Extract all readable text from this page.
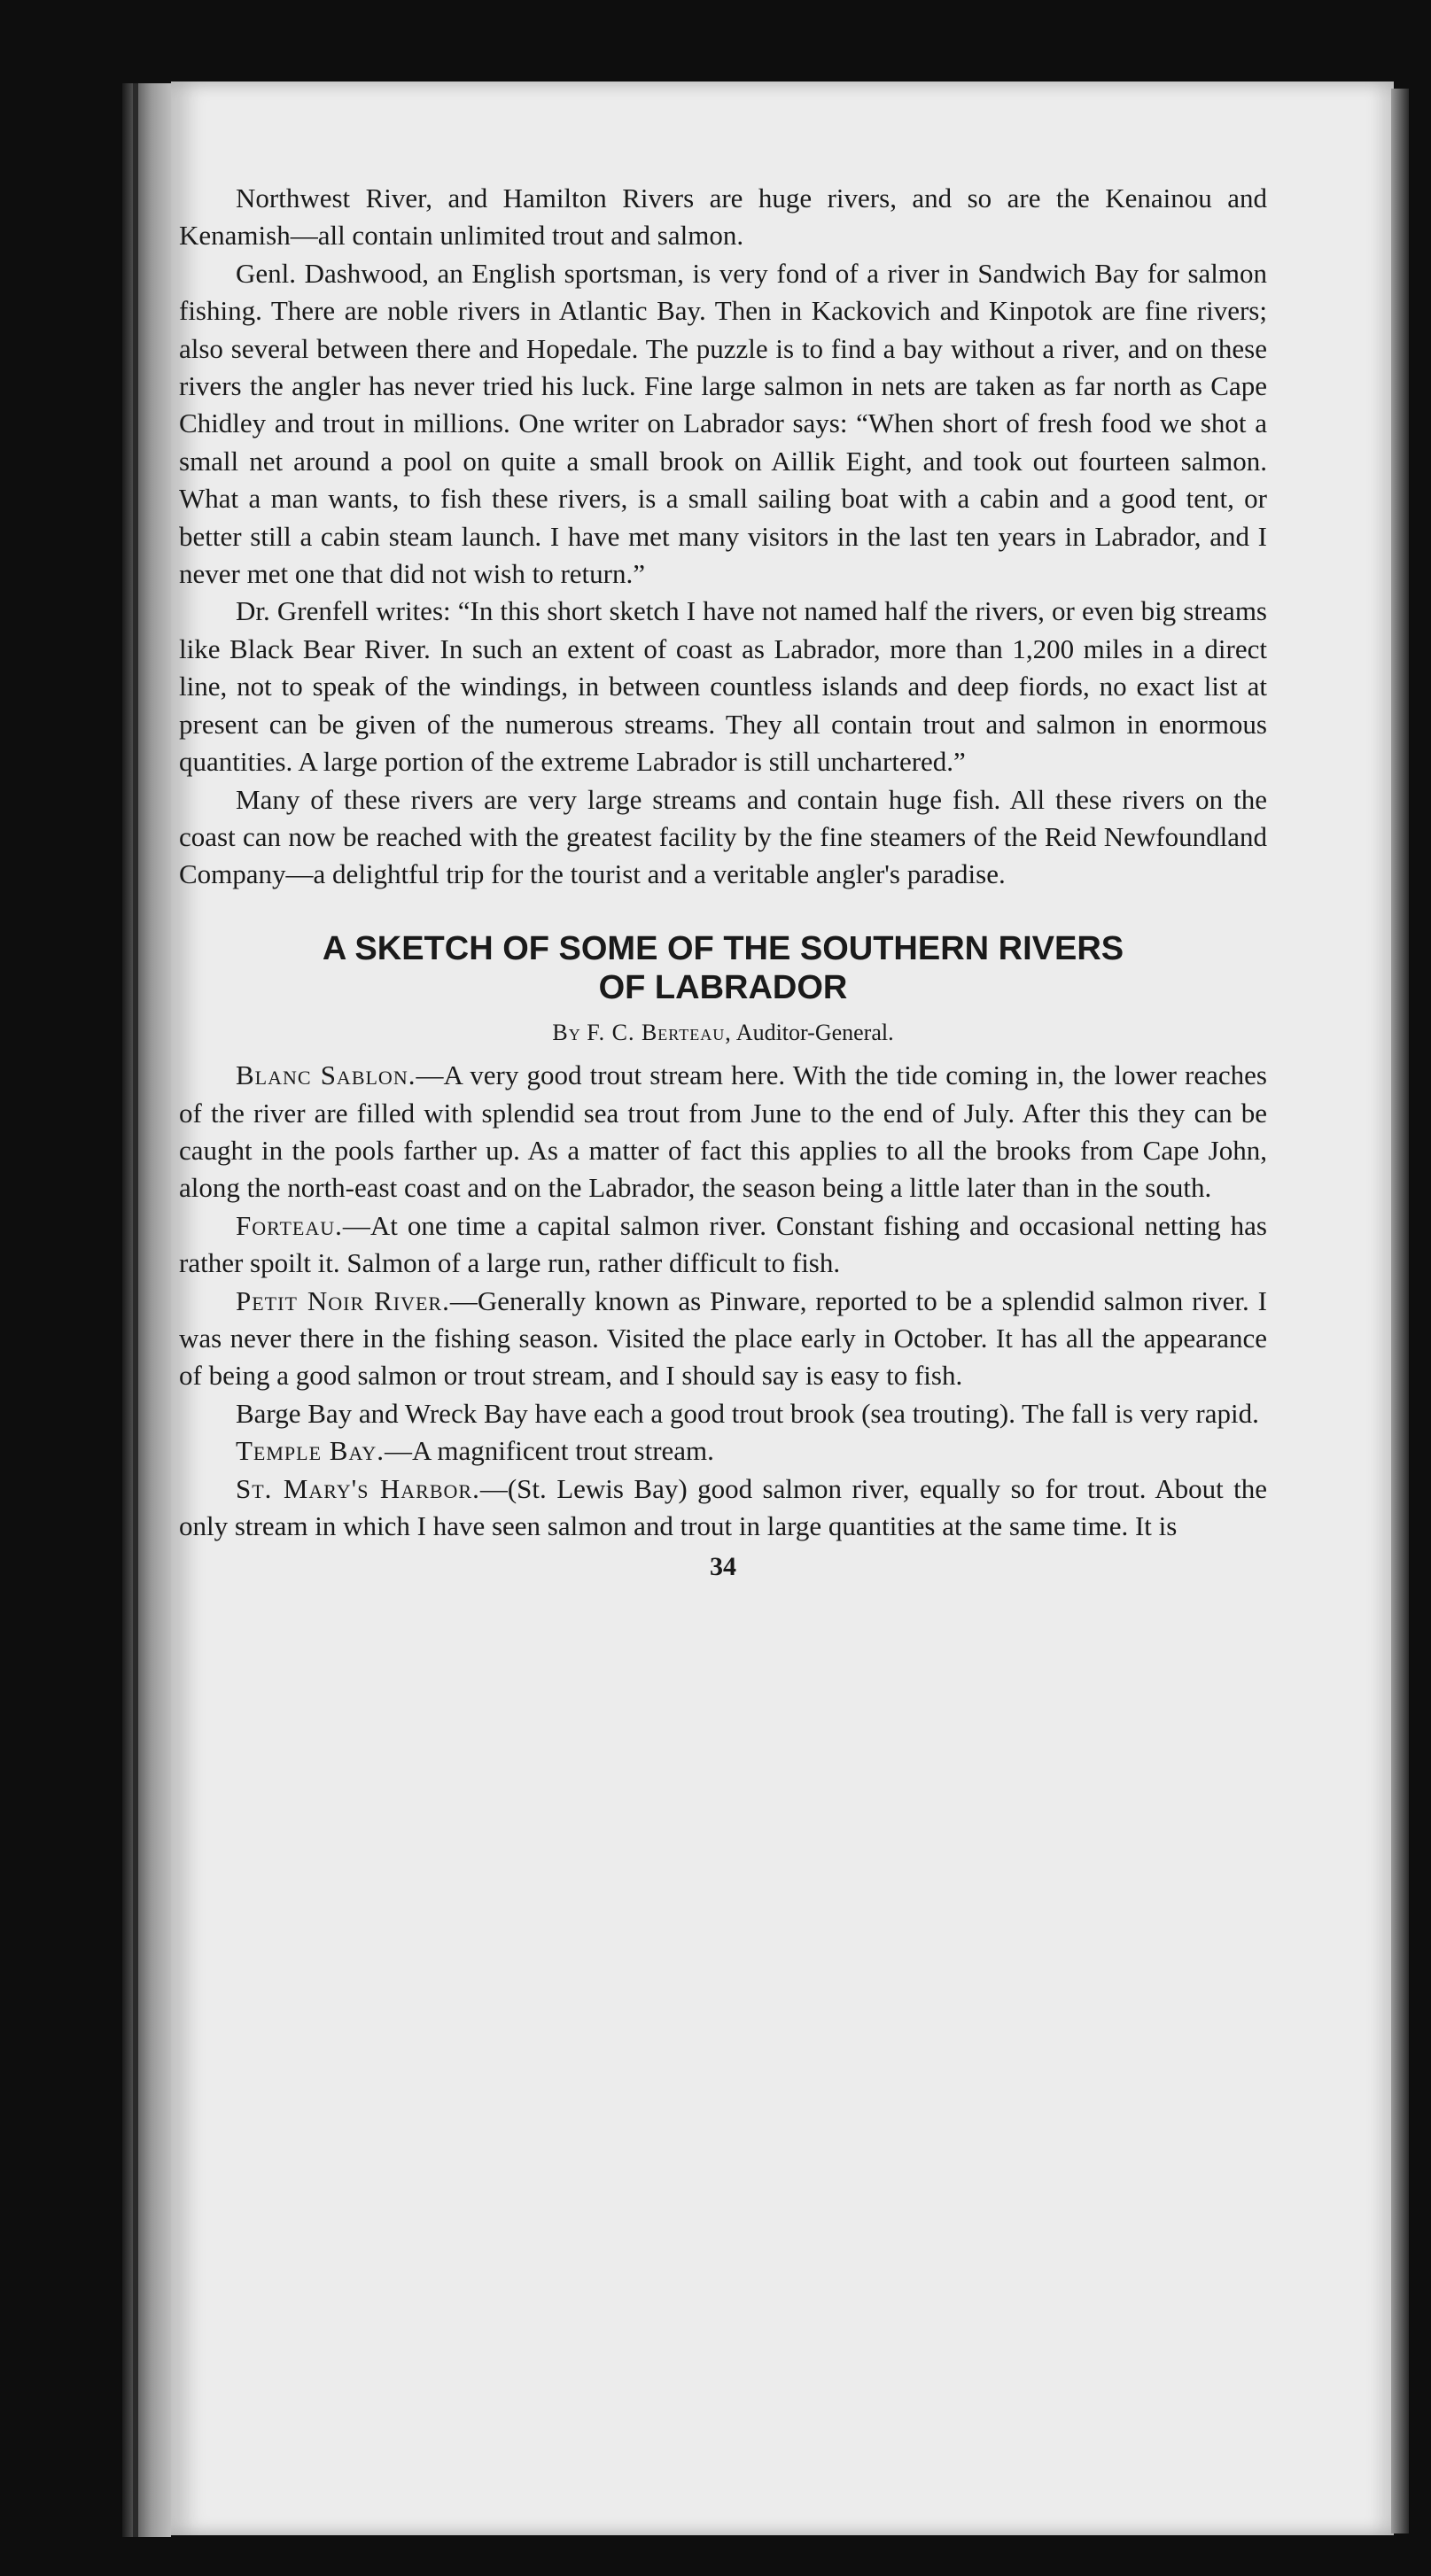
Northwest River, and Hamilton Rivers are huge rivers, and so are the Kenainou and Kenamish—all contain unlimited trout and salmon.

Genl. Dashwood, an English sportsman, is very fond of a river in Sandwich Bay for salmon fishing. There are noble rivers in Atlantic Bay. Then in Kackovich and Kinpotok are fine rivers; also several between there and Hopedale. The puzzle is to find a bay without a river, and on these rivers the angler has never tried his luck. Fine large salmon in nets are taken as far north as Cape Chidley and trout in millions. One writer on Labrador says: “When short of fresh food we shot a small net around a pool on quite a small brook on Aillik Eight, and took out fourteen salmon. What a man wants, to fish these rivers, is a small sailing boat with a cabin and a good tent, or better still a cabin steam launch. I have met many visitors in the last ten years in Labrador, and I never met one that did not wish to return.”

Dr. Grenfell writes: “In this short sketch I have not named half the rivers, or even big streams like Black Bear River. In such an extent of coast as Labrador, more than 1,200 miles in a direct line, not to speak of the windings, in between countless islands and deep fiords, no exact list at present can be given of the numerous streams. They all contain trout and salmon in enormous quantities. A large portion of the extreme Labrador is still unchartered.”

Many of these rivers are very large streams and contain huge fish. All these rivers on the coast can now be reached with the greatest facility by the fine steamers of the Reid Newfoundland Company—a delightful trip for the tourist and a veritable angler's paradise.

A SKETCH OF SOME OF THE SOUTHERN RIVERS
OF LABRADOR
By F. C. Berteau, Auditor-General.

Blanc Sablon.—A very good trout stream here. With the tide coming in, the lower reaches of the river are filled with splendid sea trout from June to the end of July. After this they can be caught in the pools farther up. As a matter of fact this applies to all the brooks from Cape John, along the north-east coast and on the Labrador, the season being a little later than in the south.

Forteau.—At one time a capital salmon river. Constant fishing and occasional netting has rather spoilt it. Salmon of a large run, rather difficult to fish.

Petit Noir River.—Generally known as Pinware, reported to be a splendid salmon river. I was never there in the fishing season. Visited the place early in October. It has all the appearance of being a good salmon or trout stream, and I should say is easy to fish.

Barge Bay and Wreck Bay have each a good trout brook (sea trouting). The fall is very rapid.

Temple Bay.—A magnificent trout stream.

St. Mary's Harbor.—(St. Lewis Bay) good salmon river, equally so for trout. About the only stream in which I have seen salmon and trout in large quantities at the same time. It is

34
